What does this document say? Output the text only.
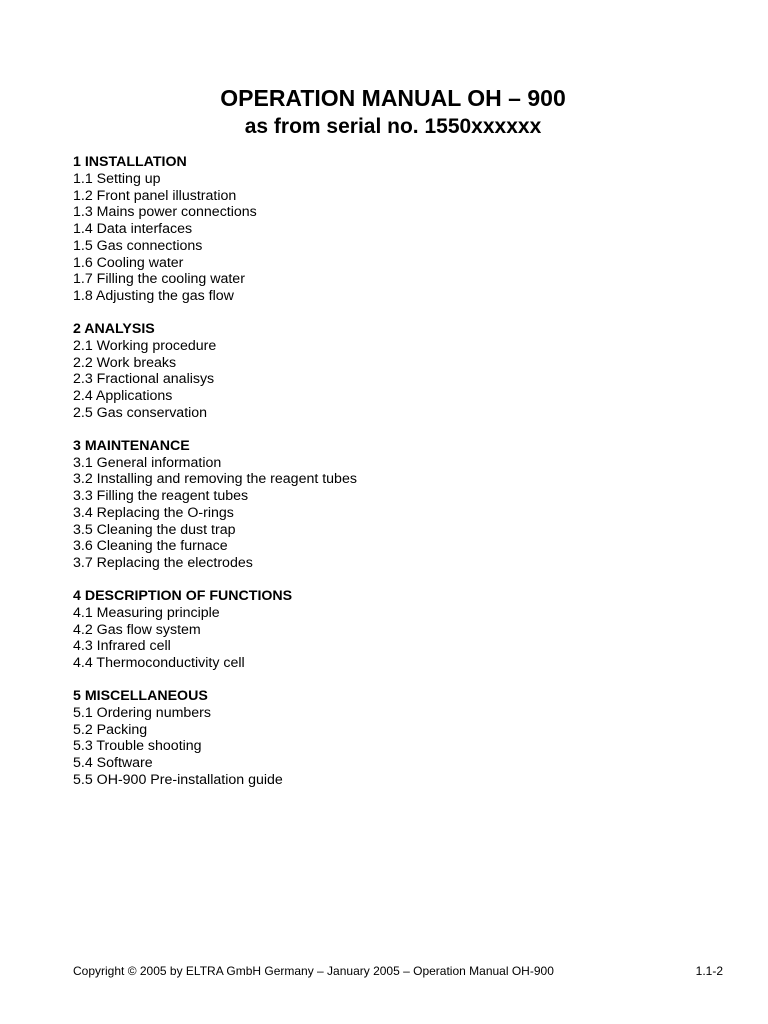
OPERATION MANUAL OH – 900
as from serial no. 1550xxxxxx
1 INSTALLATION
1.1 Setting up
1.2 Front panel illustration
1.3 Mains power connections
1.4 Data interfaces
1.5 Gas connections
1.6 Cooling water
1.7 Filling the cooling water
1.8 Adjusting the gas flow
2 ANALYSIS
2.1 Working procedure
2.2 Work breaks
2.3 Fractional analisys
2.4 Applications
2.5 Gas conservation
3 MAINTENANCE
3.1 General information
3.2 Installing and removing the reagent tubes
3.3 Filling the reagent tubes
3.4 Replacing the O-rings
3.5 Cleaning the dust trap
3.6 Cleaning the furnace
3.7 Replacing the electrodes
4 DESCRIPTION OF FUNCTIONS
4.1 Measuring principle
4.2 Gas flow system
4.3 Infrared cell
4.4 Thermoconductivity cell
5 MISCELLANEOUS
5.1 Ordering numbers
5.2 Packing
5.3 Trouble shooting
5.4 Software
5.5 OH-900 Pre-installation guide
Copyright © 2005 by ELTRA GmbH Germany – January 2005 – Operation Manual OH-900	1.1-2
